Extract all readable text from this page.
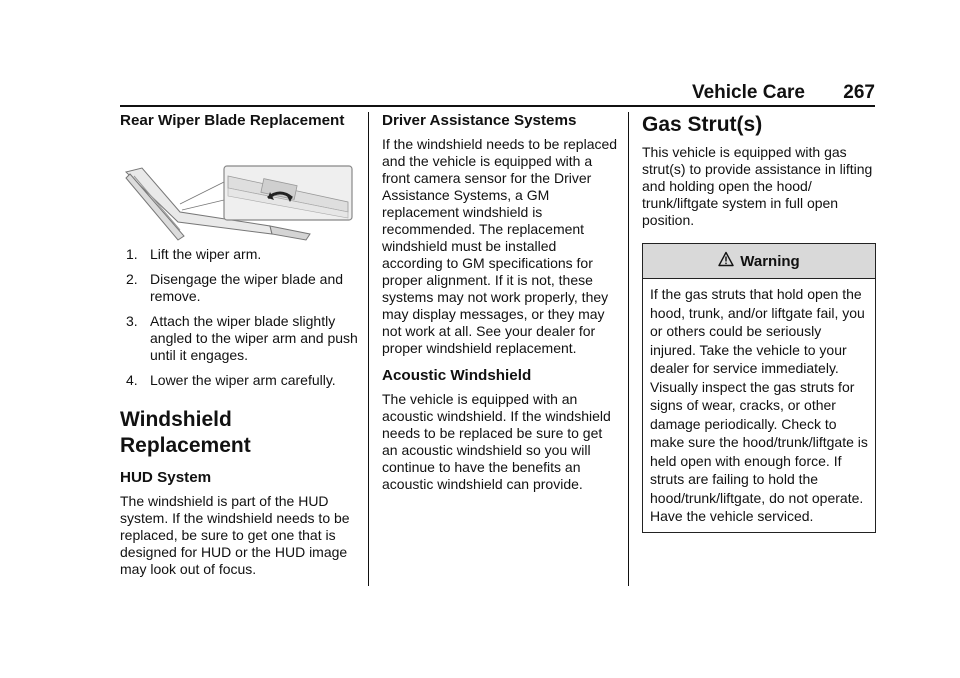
Vehicle Care 267
Rear Wiper Blade Replacement
1. Lift the wiper arm.
2. Disengage the wiper blade and remove.
3. Attach the wiper blade slightly angled to the wiper arm and push until it engages.
4. Lower the wiper arm carefully.
Windshield Replacement
HUD System

The windshield is part of the HUD system. If the windshield needs to be replaced, be sure to get one that is designed for HUD or the HUD image may look out of focus.

Driver Assistance Systems

If the windshield needs to be replaced and the vehicle is equipped with a front camera sensor for the Driver Assistance Systems, a GM replacement windshield is recommended. The replacement windshield must be installed according to GM specifications for proper alignment. If it is not, these systems may not work properly, they may display messages, or they may not work at all. See your dealer for proper windshield replacement.

Acoustic Windshield

The vehicle is equipped with an acoustic windshield. If the windshield needs to be replaced be sure to get an acoustic windshield so you will continue to have the benefits an acoustic windshield can provide.

Gas Strut(s)

This vehicle is equipped with gas strut(s) to provide assistance in lifting and holding open the hood/ trunk/liftgate system in full open position.

Warning

If the gas struts that hold open the hood, trunk, and/or liftgate fail, you or others could be seriously injured. Take the vehicle to your dealer for service immediately. Visually inspect the gas struts for signs of wear, cracks, or other damage periodically. Check to make sure the hood/trunk/liftgate is held open with enough force. If struts are failing to hold the hood/trunk/liftgate, do not operate. Have the vehicle serviced.
